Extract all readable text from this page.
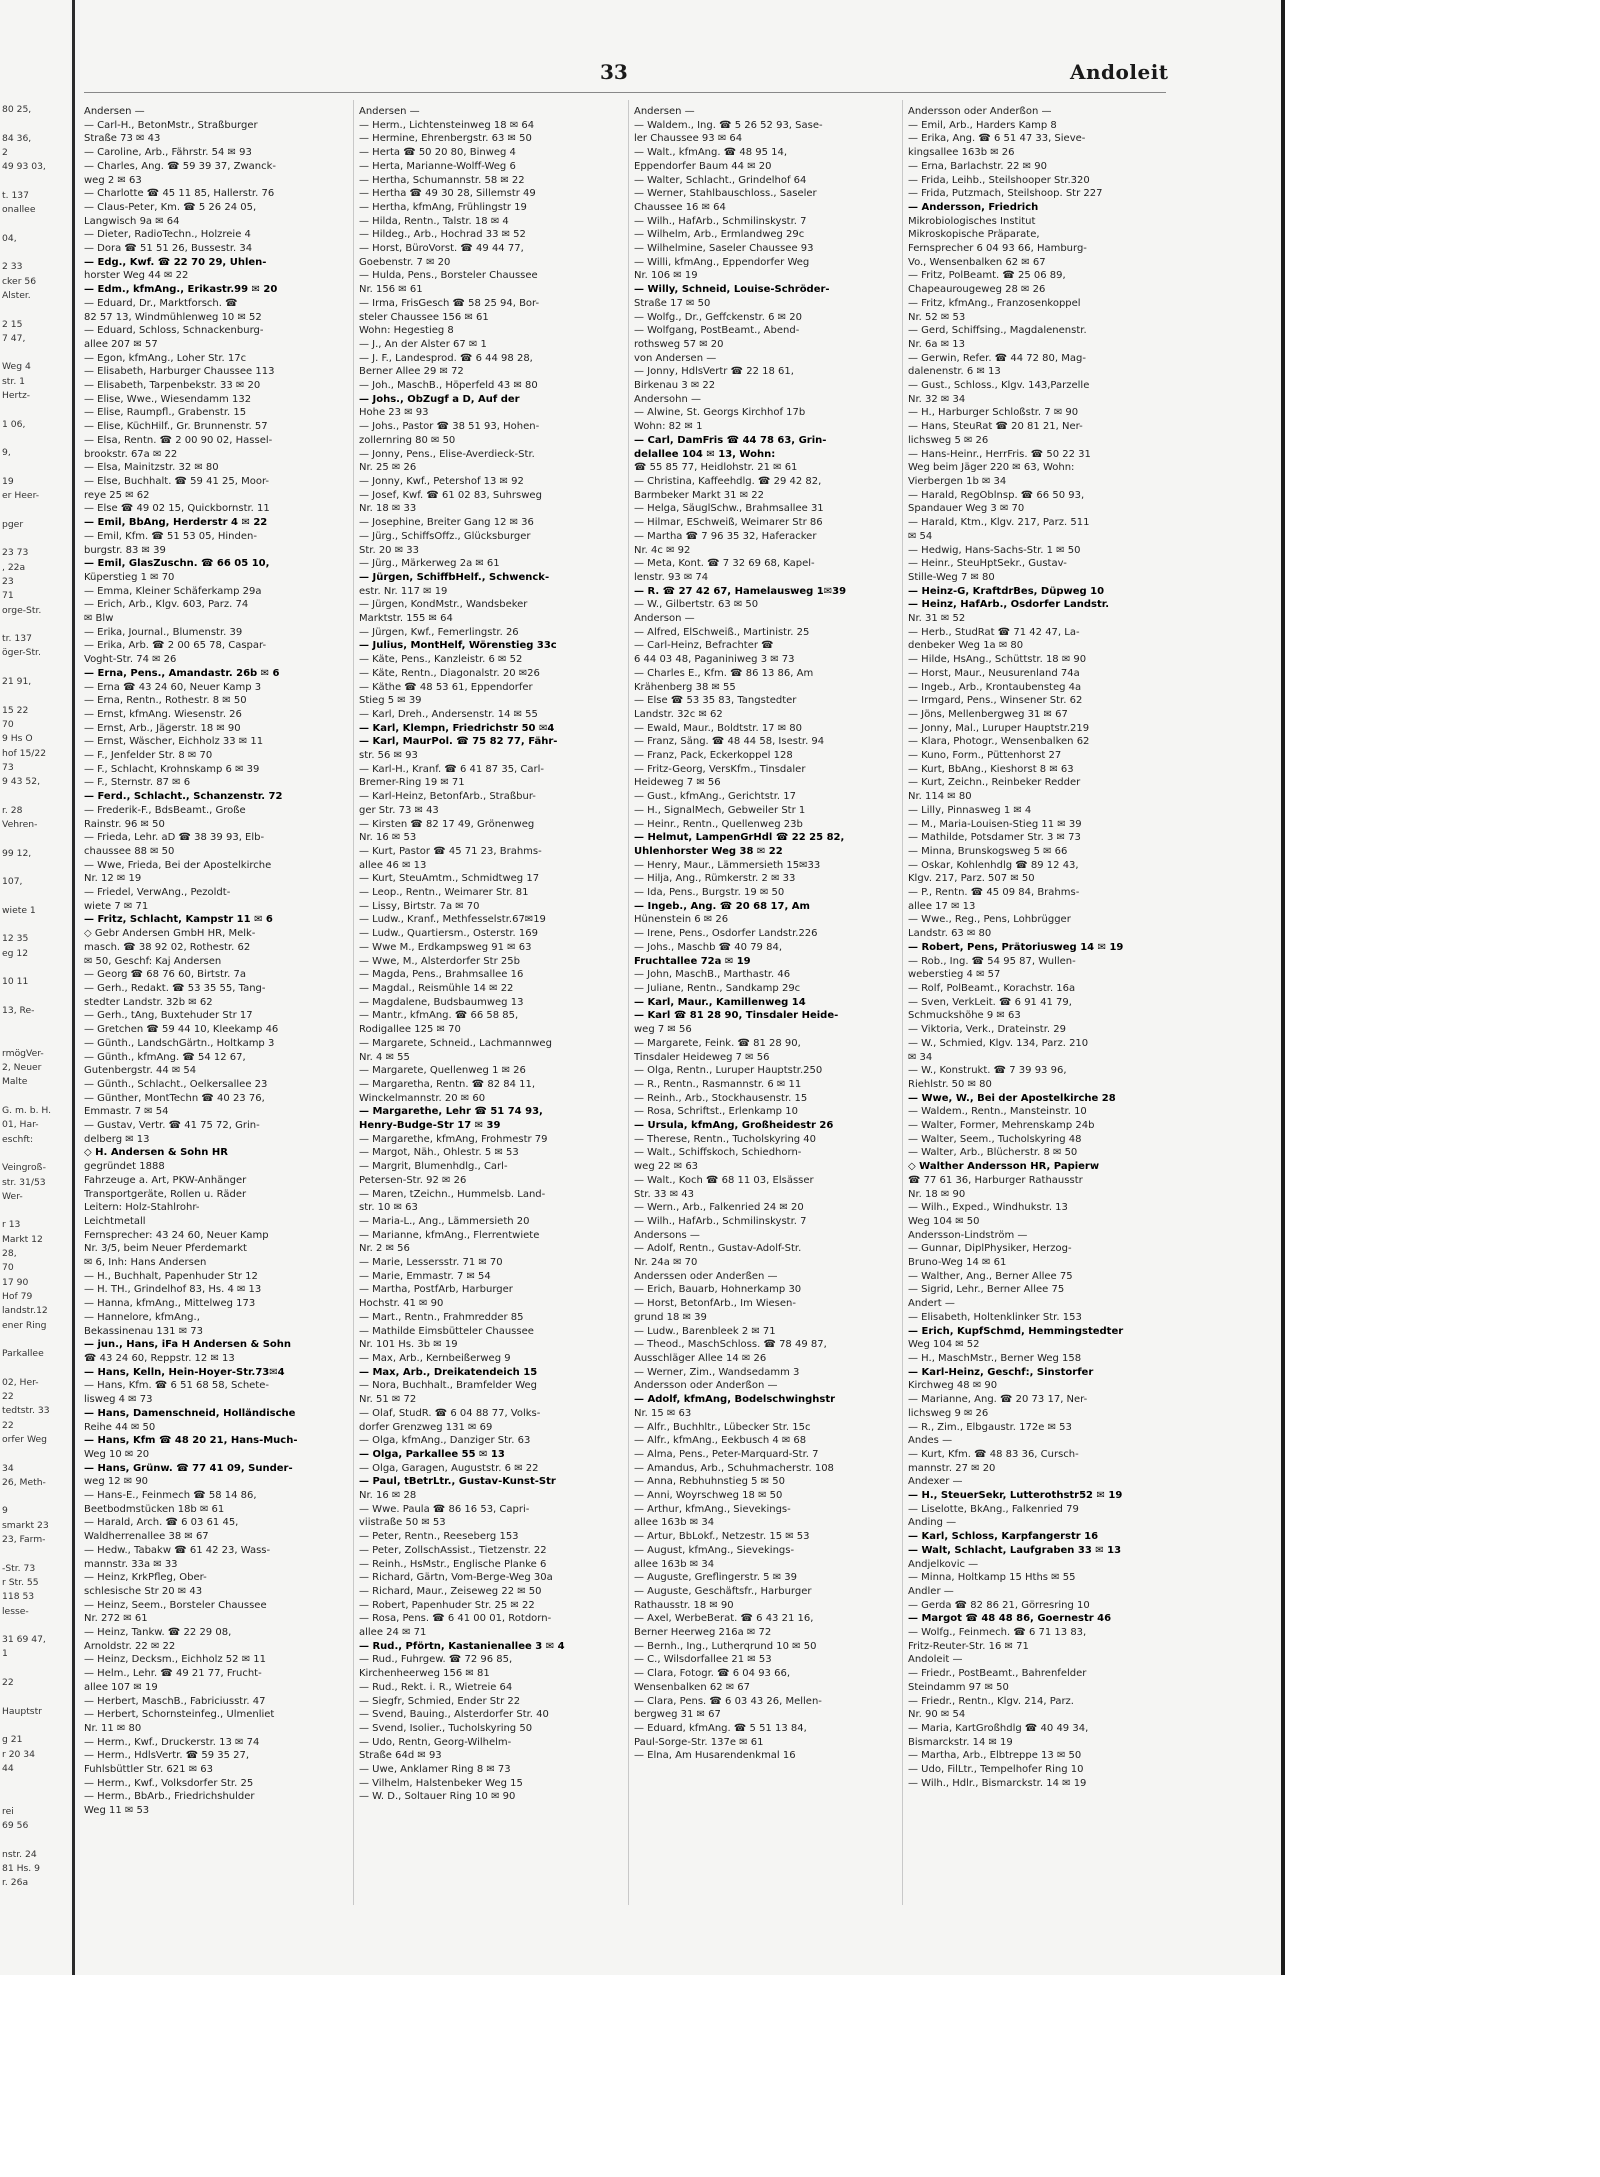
80 25,
84 36,
2
49 93 03,
t. 137
onallee
04,
2 33
cker 56
Alster.
2 15
7 47,
Weg 4
str. 1
Hertz-
1 06,
9,
19
er Heer-
pger
23 73
, 22a
23
71
orge-Str.
tr. 137
öger-Str.
21 91,
15 22
70
9 Hs O
hof 15/22
73
9 43 52,
r. 28
Vehren-
99 12,
107,
wiete 1
12 35
eg 12
10 11
13, Re-
rmögVer-
2, Neuer
Malte
G. m. b. H.
01, Har-
eschft:
Veingroß-
str. 31/53
Wer-
r 13
Markt 12
28,
70
17 90
Hof 79
landstr.12
ener Ring
Parkallee
02, Her-
22
tedtstr. 33
22
orfer Weg
34
26, Meth-
9
smarkt 23
23, Farm-
-Str. 73
r Str. 55
118 53
lesse-
31 69 47,
1
22
Hauptstr
g 21
r 20 34
44
rei
69 56
nstr. 24
81 Hs. 9
r. 26a
33	Andoleit
Andersen —
— Carl-H., BetonMstr., Straßburger
Straße 73 ✉ 43
— Caroline, Arb., Fährstr. 54 ✉ 93
— Charles, Ang. ☎ 59 39 37, Zwanck-
weg 2 ✉ 63
— Charlotte ☎ 45 11 85, Hallerstr. 76
— Claus-Peter, Km. ☎ 5 26 24 05,
Langwisch 9a ✉ 64
— Dieter, RadioTechn., Holzreie 4
— Dora ☎ 51 51 26, Bussestr. 34
— Edg., Kwf. ☎ 22 70 29, Uhlen-
horster Weg 44 ✉ 22
— Edm., kfmAng., Erikastr.99 ✉ 20
— Eduard, Dr., Marktforsch. ☎
82 57 13, Windmühlenweg 10 ✉ 52
— Eduard, Schloss, Schnackenburg-
allee 207 ✉ 57
— Egon, kfmAng., Loher Str. 17c
— Elisabeth, Harburger Chaussee 113
— Elisabeth, Tarpenbekstr. 33 ✉ 20
— Elise, Wwe., Wiesendamm 132
— Elise, Raumpfl., Grabenstr. 15
— Elise, KüchHilf., Gr. Brunnenstr. 57
— Elsa, Rentn. ☎ 2 00 90 02, Hassel-
brookstr. 67a ✉ 22
— Elsa, Mainitzstr. 32 ✉ 80
— Else, Buchhalt. ☎ 59 41 25, Moor-
reye 25 ✉ 62
— Else ☎ 49 02 15, Quickbornstr. 11
— Emil, BbAng, Herderstr 4 ✉ 22
— Emil, Kfm. ☎ 51 53 05, Hinden-
burgstr. 83 ✉ 39
— Emil, GlasZuschn. ☎ 66 05 10,
Küperstieg 1 ✉ 70
— Emma, Kleiner Schäferkamp 29a
— Erich, Arb., Klgv. 603, Parz. 74
✉ Blw
— Erika, Journal., Blumenstr. 39
— Erika, Arb. ☎ 2 00 65 78, Caspar-
Voght-Str. 74 ✉ 26
— Erna, Pens., Amandastr. 26b ✉ 6
— Erna ☎ 43 24 60, Neuer Kamp 3
— Erna, Rentn., Rothestr. 8 ✉ 50
— Ernst, kfmAng. Wiesenstr. 26
— Ernst, Arb., Jägerstr. 18 ✉ 90
— Ernst, Wäscher, Eichholz 33 ✉ 11
— F., Jenfelder Str. 8 ✉ 70
— F., Schlacht, Krohnskamp 6 ✉ 39
— F., Sternstr. 87 ✉ 6
— Ferd., Schlacht., Schanzenstr. 72
— Frederik-F., BdsBeamt., Große
Rainstr. 96 ✉ 50
— Frieda, Lehr. aD ☎ 38 39 93, Elb-
chaussee 88 ✉ 50
— Wwe, Frieda, Bei der Apostelkirche
Nr. 12 ✉ 19
— Friedel, VerwAng., Pezoldt-
wiete 7 ✉ 71
— Fritz, Schlacht, Kampstr 11 ✉ 6
◇ Gebr Andersen GmbH HR, Melk-
masch. ☎ 38 92 02, Rothestr. 62
✉ 50, Geschf: Kaj Andersen
— Georg ☎ 68 76 60, Birtstr. 7a
— Gerh., Redakt. ☎ 53 35 55, Tang-
stedter Landstr. 32b ✉ 62
— Gerh., tAng, Buxtehuder Str 17
— Gretchen ☎ 59 44 10, Kleekamp 46
— Günth., LandschGärtn., Holtkamp 3
— Günth., kfmAng. ☎ 54 12 67,
Gutenbergstr. 44 ✉ 54
— Günth., Schlacht., Oelkersallee 23
— Günther, MontTechn ☎ 40 23 76,
Emmastr. 7 ✉ 54
— Gustav, Vertr. ☎ 41 75 72, Grin-
delberg ✉ 13
◇ H. Andersen & Sohn HR
gegründet 1888
Fahrzeuge a. Art, PKW-Anhänger
Transportgeräte, Rollen u. Räder
Leitern: Holz-Stahlrohr-
Leichtmetall
Fernsprecher: 43 24 60, Neuer Kamp
Nr. 3/5, beim Neuer Pferdemarkt
✉ 6, Inh: Hans Andersen
— H., Buchhalt, Papenhuder Str 12
— H. TH., Grindelhof 83, Hs. 4 ✉ 13
— Hanna, kfmAng., Mittelweg 173
— Hannelore, kfmAng.,
Bekassinenau 131 ✉ 73
— jun., Hans, iFa H Andersen & Sohn
☎ 43 24 60, Reppstr. 12 ✉ 13
— Hans, Kelln, Hein-Hoyer-Str.73✉4
— Hans, Kfm. ☎ 6 51 68 58, Schete-
lisweg 4 ✉ 73
— Hans, Damenschneid, Holländische
Reihe 44 ✉ 50
— Hans, Kfm ☎ 48 20 21, Hans-Much-
Weg 10 ✉ 20
— Hans, Grünw. ☎ 77 41 09, Sunder-
weg 12 ✉ 90
— Hans-E., Feinmech ☎ 58 14 86,
Beetbodmstücken 18b ✉ 61
— Harald, Arch. ☎ 6 03 61 45,
Waldherrenallee 38 ✉ 67
— Hedw., Tabakw ☎ 61 42 23, Wass-
mannstr. 33a ✉ 33
— Heinz, KrkPfleg, Ober-
schlesische Str 20 ✉ 43
— Heinz, Seem., Borsteler Chaussee
Nr. 272 ✉ 61
— Heinz, Tankw. ☎ 22 29 08,
Arnoldstr. 22 ✉ 22
— Heinz, Decksm., Eichholz 52 ✉ 11
— Helm., Lehr. ☎ 49 21 77, Frucht-
allee 107 ✉ 19
— Herbert, MaschB., Fabriciusstr. 47
— Herbert, Schornsteinfeg., Ulmenliet
Nr. 11 ✉ 80
— Herm., Kwf., Druckerstr. 13 ✉ 74
— Herm., HdlsVertr. ☎ 59 35 27,
Fuhlsbüttler Str. 621 ✉ 63
— Herm., Kwf., Volksdorfer Str. 25
— Herm., BbArb., Friedrichshulder
Weg 11 ✉ 53
Andersen —
— Herm., Lichtensteinweg 18 ✉ 64
— Hermine, Ehrenbergstr. 63 ✉ 50
— Herta ☎ 50 20 80, Binweg 4
— Herta, Marianne-Wolff-Weg 6
— Hertha, Schumannstr. 58 ✉ 22
— Hertha ☎ 49 30 28, Sillemstr 49
— Hertha, kfmAng, Frühlingstr 19
— Hilda, Rentn., Talstr. 18 ✉ 4
— Hildeg., Arb., Hochrad 33 ✉ 52
— Horst, BüroVorst. ☎ 49 44 77,
Goebenstr. 7 ✉ 20
— Hulda, Pens., Borsteler Chaussee
Nr. 156 ✉ 61
— Irma, FrisGesch ☎ 58 25 94, Bor-
steler Chaussee 156 ✉ 61
Wohn: Hegestieg 8
— J., An der Alster 67 ✉ 1
— J. F., Landesprod. ☎ 6 44 98 28,
Berner Allee 29 ✉ 72
— Joh., MaschB., Höperfeld 43 ✉ 80
— Johs., ObZugf a D, Auf der
Hohe 23 ✉ 93
— Johs., Pastor ☎ 38 51 93, Hohen-
zollernring 80 ✉ 50
— Jonny, Pens., Elise-Averdieck-Str.
Nr. 25 ✉ 26
— Jonny, Kwf., Petershof 13 ✉ 92
— Josef, Kwf. ☎ 61 02 83, Suhrsweg
Nr. 18 ✉ 33
— Josephine, Breiter Gang 12 ✉ 36
— Jürg., SchiffsOffz., Glücksburger
Str. 20 ✉ 33
— Jürg., Märkerweg 2a ✉ 61
— Jürgen, SchiffbHelf., Schwenck-
estr. Nr. 117 ✉ 19
— Jürgen, KondMstr., Wandsbeker
Marktstr. 155 ✉ 64
— Jürgen, Kwf., Femerlingstr. 26
— Julius, MontHelf, Wörenstieg 33c
— Käte, Pens., Kanzleistr. 6 ✉ 52
— Käte, Rentn., Diagonalstr. 20 ✉26
— Käthe ☎ 48 53 61, Eppendorfer
Stieg 5 ✉ 39
— Karl, Dreh., Andersenstr. 14 ✉ 55
— Karl, Klempn, Friedrichstr 50 ✉4
— Karl, MaurPol. ☎ 75 82 77, Fähr-
str. 56 ✉ 93
— Karl-H., Kranf. ☎ 6 41 87 35, Carl-
Bremer-Ring 19 ✉ 71
— Karl-Heinz, BetonfArb., Straßbur-
ger Str. 73 ✉ 43
— Kirsten ☎ 82 17 49, Grönenweg
Nr. 16 ✉ 53
— Kurt, Pastor ☎ 45 71 23, Brahms-
allee 46 ✉ 13
— Kurt, SteuAmtm., Schmidtweg 17
— Leop., Rentn., Weimarer Str. 81
— Lissy, Birtstr. 7a ✉ 70
— Ludw., Kranf., Methfesselstr.67✉19
— Ludw., Quartiersm., Osterstr. 169
— Wwe M., Erdkampsweg 91 ✉ 63
— Wwe, M., Alsterdorfer Str 25b
— Magda, Pens., Brahmsallee 16
— Magdal., Reismühle 14 ✉ 22
— Magdalene, Budsbaumweg 13
— Mantr., kfmAng. ☎ 66 58 85,
Rodigallee 125 ✉ 70
— Margarete, Schneid., Lachmannweg
Nr. 4 ✉ 55
— Margarete, Quellenweg 1 ✉ 26
— Margaretha, Rentn. ☎ 82 84 11,
Winckelmannstr. 20 ✉ 60
— Margarethe, Lehr ☎ 51 74 93,
Henry-Budge-Str 17 ✉ 39
— Margarethe, kfmAng, Frohmestr 79
— Margot, Näh., Ohlestr. 5 ✉ 53
— Margrit, Blumenhdlg., Carl-
Petersen-Str. 92 ✉ 26
— Maren, tZeichn., Hummelsb. Land-
str. 10 ✉ 63
— Maria-L., Ang., Lämmersieth 20
— Marianne, kfmAng., Flerrentwiete
Nr. 2 ✉ 56
— Marie, Lessersstr. 71 ✉ 70
— Marie, Emmastr. 7 ✉ 54
— Martha, PostfArb, Harburger
Hochstr. 41 ✉ 90
— Mart., Rentn., Frahmredder 85
— Mathilde Eimsbütteler Chaussee
Nr. 101 Hs. 3b ✉ 19
— Max, Arb., Kernbeißerweg 9
— Max, Arb., Dreikatendeich 15
— Nora, Buchhalt., Bramfelder Weg
Nr. 51 ✉ 72
— Olaf, StudR. ☎ 6 04 88 77, Volks-
dorfer Grenzweg 131 ✉ 69
— Olga, kfmAng., Danziger Str. 63
— Olga, Parkallee 55 ✉ 13
— Olga, Garagen, Auguststr. 6 ✉ 22
— Paul, tBetrLtr., Gustav-Kunst-Str
Nr. 16 ✉ 28
— Wwe. Paula ☎ 86 16 53, Capri-
viistraße 50 ✉ 53
— Peter, Rentn., Reeseberg 153
— Peter, ZollschAssist., Tietzenstr. 22
— Reinh., HsMstr., Englische Planke 6
— Richard, Gärtn, Vom-Berge-Weg 30a
— Richard, Maur., Zeiseweg 22 ✉ 50
— Robert, Papenhuder Str. 25 ✉ 22
— Rosa, Pens. ☎ 6 41 00 01, Rotdorn-
allee 24 ✉ 71
— Rud., Pförtn, Kastanienallee 3 ✉ 4
— Rud., Fuhrgew. ☎ 72 96 85,
Kirchenheerweg 156 ✉ 81
— Rud., Rekt. i. R., Wietreie 64
— Siegfr, Schmied, Ender Str 22
— Svend, Bauing., Alsterdorfer Str. 40
— Svend, Isolier., Tucholskyring 50
— Udo, Rentn, Georg-Wilhelm-
Straße 64d ✉ 93
— Uwe, Anklamer Ring 8 ✉ 73
— Vilhelm, Halstenbeker Weg 15
— W. D., Soltauer Ring 10 ✉ 90
Andersen —
— Waldem., Ing. ☎ 5 26 52 93, Sase-
ler Chaussee 93 ✉ 64
— Walt., kfmAng. ☎ 48 95 14,
Eppendorfer Baum 44 ✉ 20
— Walter, Schlacht., Grindelhof 64
— Werner, Stahlbauschloss., Saseler
Chaussee 16 ✉ 64
— Wilh., HafArb., Schmilinskystr. 7
— Wilhelm, Arb., Ermlandweg 29c
— Wilhelmine, Saseler Chaussee 93
— Willi, kfmAng., Eppendorfer Weg
Nr. 106 ✉ 19
— Willy, Schneid, Louise-Schröder-
Straße 17 ✉ 50
— Wolfg., Dr., Geffckenstr. 6 ✉ 20
— Wolfgang, PostBeamt., Abend-
rothsweg 57 ✉ 20
von Andersen —
— Jonny, HdlsVertr ☎ 22 18 61,
Birkenau 3 ✉ 22
Andersohn —
— Alwine, St. Georgs Kirchhof 17b
Wohn: 82 ✉ 1
— Carl, DamFris ☎ 44 78 63, Grin-
delallee 104 ✉ 13, Wohn:
☎ 55 85 77, Heidlohstr. 21 ✉ 61
— Christina, Kaffeehdlg. ☎ 29 42 82,
Barmbeker Markt 31 ✉ 22
— Helga, SäuglSchw., Brahmsallee 31
— Hilmar, ESchweiß, Weimarer Str 86
— Martha ☎ 7 96 35 32, Haferacker
Nr. 4c ✉ 92
— Meta, Kont. ☎ 7 32 69 68, Kapel-
lenstr. 93 ✉ 74
— R. ☎ 27 42 67, Hamelausweg 1✉39
— W., Gilbertstr. 63 ✉ 50
Anderson —
— Alfred, ElSchweiß., Martinistr. 25
— Carl-Heinz, Befrachter ☎
6 44 03 48, Paganiniweg 3 ✉ 73
— Charles E., Kfm. ☎ 86 13 86, Am
Krähenberg 38 ✉ 55
— Else ☎ 53 35 83, Tangstedter
Landstr. 32c ✉ 62
— Ewald, Maur., Boldtstr. 17 ✉ 80
— Franz, Säng. ☎ 48 44 58, Isestr. 94
— Franz, Pack, Eckerkoppel 128
— Fritz-Georg, VersKfm., Tinsdaler
Heideweg 7 ✉ 56
— Gust., kfmAng., Gerichtstr. 17
— H., SignalMech, Gebweiler Str 1
— Heinr., Rentn., Quellenweg 23b
— Helmut, LampenGrHdl ☎ 22 25 82,
Uhlenhorster Weg 38 ✉ 22
— Henry, Maur., Lämmersieth 15✉33
— Hilja, Ang., Rümkerstr. 2 ✉ 33
— Ida, Pens., Burgstr. 19 ✉ 50
— Ingeb., Ang. ☎ 20 68 17, Am
Hünenstein 6 ✉ 26
— Irene, Pens., Osdorfer Landstr.226
— Johs., Maschb ☎ 40 79 84,
Fruchtallee 72a ✉ 19
— John, MaschB., Marthastr. 46
— Juliane, Rentn., Sandkamp 29c
— Karl, Maur., Kamillenweg 14
— Karl ☎ 81 28 90, Tinsdaler Heide-
weg 7 ✉ 56
— Margarete, Feink. ☎ 81 28 90,
Tinsdaler Heideweg 7 ✉ 56
— Olga, Rentn., Luruper Hauptstr.250
— R., Rentn., Rasmannstr. 6 ✉ 11
— Reinh., Arb., Stockhausenstr. 15
— Rosa, Schriftst., Erlenkamp 10
— Ursula, kfmAng, Großheidestr 26
— Therese, Rentn., Tucholskyring 40
— Walt., Schiffskoch, Schiedhorn-
weg 22 ✉ 63
— Walt., Koch ☎ 68 11 03, Elsässer
Str. 33 ✉ 43
— Wern., Arb., Falkenried 24 ✉ 20
— Wilh., HafArb., Schmilinskystr. 7
Andersons —
— Adolf, Rentn., Gustav-Adolf-Str.
Nr. 24a ✉ 70
Anderssen oder Anderßen —
— Erich, Bauarb, Hohnerkamp 30
— Horst, BetonfArb., Im Wiesen-
grund 18 ✉ 39
— Ludw., Barenbleek 2 ✉ 71
— Theod., MaschSchloss. ☎ 78 49 87,
Ausschläger Allee 14 ✉ 26
— Werner, Zim., Wandsedamm 3
Andersson oder Anderßon —
— Adolf, kfmAng, Bodelschwinghstr
Nr. 15 ✉ 63
— Alfr., Buchhltr., Lübecker Str. 15c
— Alfr., kfmAng., Eekbusch 4 ✉ 68
— Alma, Pens., Peter-Marquard-Str. 7
— Amandus, Arb., Schuhmacherstr. 108
— Anna, Rebhuhnstieg 5 ✉ 50
— Anni, Woyrschweg 18 ✉ 50
— Arthur, kfmAng., Sievekings-
allee 163b ✉ 34
— Artur, BbLokf., Netzestr. 15 ✉ 53
— August, kfmAng., Sievekings-
allee 163b ✉ 34
— Auguste, Greflingerstr. 5 ✉ 39
— Auguste, Geschäftsfr., Harburger
Rathausstr. 18 ✉ 90
— Axel, WerbeBerat. ☎ 6 43 21 16,
Berner Heerweg 216a ✉ 72
— Bernh., Ing., Lutherqrund 10 ✉ 50
— C., Wilsdorfallee 21 ✉ 53
— Clara, Fotogr. ☎ 6 04 93 66,
Wensenbalken 62 ✉ 67
— Clara, Pens. ☎ 6 03 43 26, Mellen-
bergweg 31 ✉ 67
— Eduard, kfmAng. ☎ 5 51 13 84,
Paul-Sorge-Str. 137e ✉ 61
— Elna, Am Husarendenkmal 16
Andersson oder Anderßon —
— Emil, Arb., Harders Kamp 8
— Erika, Ang. ☎ 6 51 47 33, Sieve-
kingsallee 163b ✉ 26
— Erna, Barlachstr. 22 ✉ 90
— Frida, Leihb., Steilshooper Str.320
— Frida, Putzmach, Steilshoop. Str 227
— Andersson, Friedrich
Mikrobiologisches Institut
Mikroskopische Präparate,
Fernsprecher 6 04 93 66, Hamburg-
Vo., Wensenbalken 62 ✉ 67
— Fritz, PolBeamt. ☎ 25 06 89,
Chapeaurougeweg 28 ✉ 26
— Fritz, kfmAng., Franzosenkoppel
Nr. 52 ✉ 53
— Gerd, Schiffsing., Magdalenenstr.
Nr. 6a ✉ 13
— Gerwin, Refer. ☎ 44 72 80, Mag-
dalenenstr. 6 ✉ 13
— Gust., Schloss., Klgv. 143,Parzelle
Nr. 32 ✉ 34
— H., Harburger Schloßstr. 7 ✉ 90
— Hans, SteuRat ☎ 20 81 21, Ner-
lichsweg 5 ✉ 26
— Hans-Heinr., HerrFris. ☎ 50 22 31
Weg beim Jäger 220 ✉ 63, Wohn:
Vierbergen 1b ✉ 34
— Harald, RegOblnsp. ☎ 66 50 93,
Spandauer Weg 3 ✉ 70
— Harald, Ktm., Klgv. 217, Parz. 511
✉ 54
— Hedwig, Hans-Sachs-Str. 1 ✉ 50
— Heinr., SteuHptSekr., Gustav-
Stille-Weg 7 ✉ 80
— Heinz-G, KraftdrBes, Düpweg 10
— Heinz, HafArb., Osdorfer Landstr.
Nr. 31 ✉ 52
— Herb., StudRat ☎ 71 42 47, La-
denbeker Weg 1a ✉ 80
— Hilde, HsAng., Schüttstr. 18 ✉ 90
— Horst, Maur., Neusurenland 74a
— Ingeb., Arb., Krontaubensteg 4a
— Irmgard, Pens., Winsener Str. 62
— Jöns, Mellenbergweg 31 ✉ 67
— Jonny, Mal., Luruper Hauptstr.219
— Klara, Photogr., Wensenbalken 62
— Kuno, Form., Püttenhorst 27
— Kurt, BbAng., Kieshorst 8 ✉ 63
— Kurt, Zeichn., Reinbeker Redder
Nr. 114 ✉ 80
— Lilly, Pinnasweg 1 ✉ 4
— M., Maria-Louisen-Stieg 11 ✉ 39
— Mathilde, Potsdamer Str. 3 ✉ 73
— Minna, Brunskogsweg 5 ✉ 66
— Oskar, Kohlenhdlg ☎ 89 12 43,
Klgv. 217, Parz. 507 ✉ 50
— P., Rentn. ☎ 45 09 84, Brahms-
allee 17 ✉ 13
— Wwe., Reg., Pens, Lohbrügger
Landstr. 63 ✉ 80
— Robert, Pens, Prätoriusweg 14 ✉ 19
— Rob., Ing. ☎ 54 95 87, Wullen-
weberstieg 4 ✉ 57
— Rolf, PolBeamt., Korachstr. 16a
— Sven, VerkLeit. ☎ 6 91 41 79,
Schmuckshöhe 9 ✉ 63
— Viktoria, Verk., Drateinstr. 29
— W., Schmied, Klgv. 134, Parz. 210
✉ 34
— W., Konstrukt. ☎ 7 39 93 96,
Riehlstr. 50 ✉ 80
— Wwe, W., Bei der Apostelkirche 28
— Waldem., Rentn., Mansteinstr. 10
— Walter, Former, Mehrenskamp 24b
— Walter, Seem., Tucholskyring 48
— Walter, Arb., Blücherstr. 8 ✉ 50
◇ Walther Andersson HR, Papierw
☎ 77 61 36, Harburger Rathausstr
Nr. 18 ✉ 90
— Wilh., Exped., Windhukstr. 13
Weg 104 ✉ 50
Andersson-Lindström —
— Gunnar, DiplPhysiker, Herzog-
Bruno-Weg 14 ✉ 61
— Walther, Ang., Berner Allee 75
— Sigrid, Lehr., Berner Allee 75
Andert —
— Elisabeth, Holtenklinker Str. 153
— Erich, KupfSchmd, Hemmingstedter
Weg 104 ✉ 52
— H., MaschMstr., Berner Weg 158
— Karl-Heinz, Geschf:, Sinstorfer
Kirchweg 48 ✉ 90
— Marianne, Ang. ☎ 20 73 17, Ner-
lichsweg 9 ✉ 26
— R., Zim., Elbgaustr. 172e ✉ 53
Andes —
— Kurt, Kfm. ☎ 48 83 36, Cursch-
mannstr. 27 ✉ 20
Andexer —
— H., SteuerSekr, Lutterothstr52 ✉ 19
— Liselotte, BkAng., Falkenried 79
Anding —
— Karl, Schloss, Karpfangerstr 16
— Walt, Schlacht, Laufgraben 33 ✉ 13
Andjelkovic —
— Minna, Holtkamp 15 Hths ✉ 55
Andler —
— Gerda ☎ 82 86 21, Görresring 10
— Margot ☎ 48 48 86, Goernestr 46
— Wolfg., Feinmech. ☎ 6 71 13 83,
Fritz-Reuter-Str. 16 ✉ 71
Andoleit —
— Friedr., PostBeamt., Bahrenfelder
Steindamm 97 ✉ 50
— Friedr., Rentn., Klgv. 214, Parz.
Nr. 90 ✉ 54
— Maria, KartGroßhdlg ☎ 40 49 34,
Bismarckstr. 14 ✉ 19
— Martha, Arb., Elbtreppe 13 ✉ 50
— Udo, FilLtr., Tempelhofer Ring 10
— Wilh., Hdlr., Bismarckstr. 14 ✉ 19
